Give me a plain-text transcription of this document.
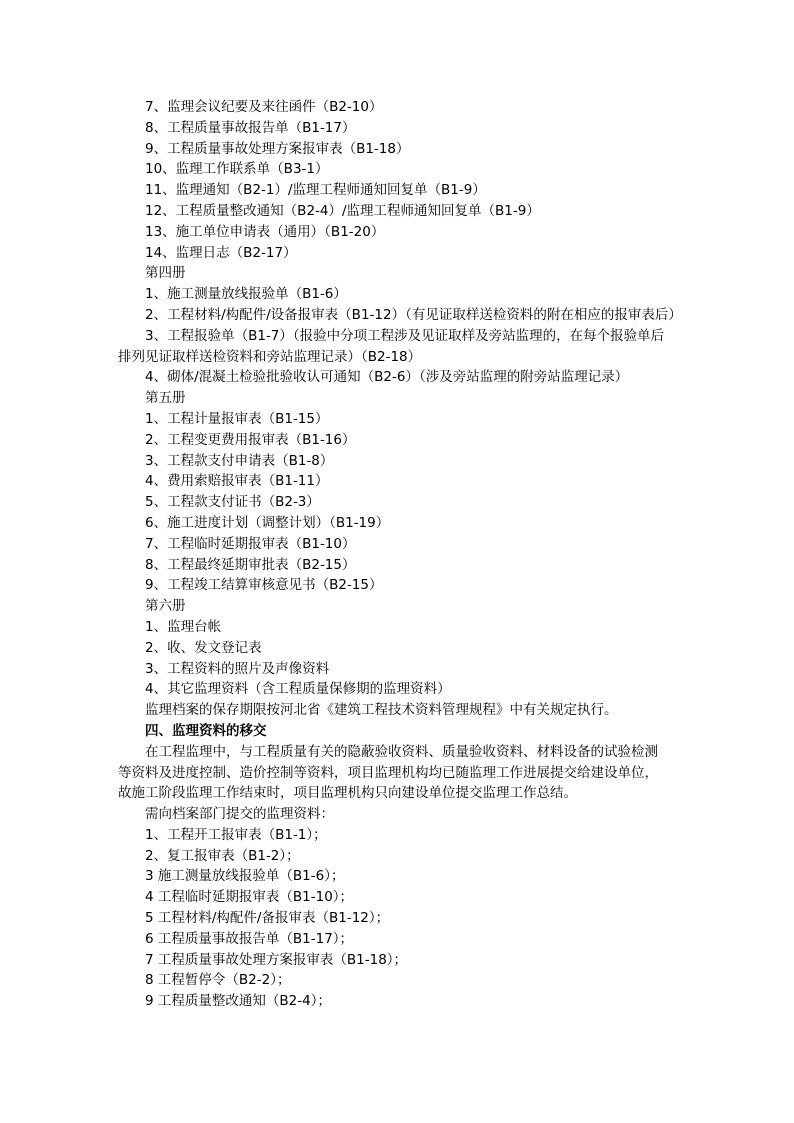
7、监理会议纪要及来往函件（B2-10）
8、工程质量事故报告单（B1-17）
9、工程质量事故处理方案报审表（B1-18）
10、监理工作联系单（B3-1）
11、监理通知（B2-1）/监理工程师通知回复单（B1-9）
12、工程质量整改通知（B2-4）/监理工程师通知回复单（B1-9）
13、施工单位申请表（通用）（B1-20）
14、监理日志（B2-17）
第四册
1、施工测量放线报验单（B1-6）
2、工程材料/构配件/设备报审表（B1-12）（有见证取样送检资料的附在相应的报审表后）
3、工程报验单（B1-7）（报验中分项工程涉及见证取样及旁站监理的，在每个报验单后
排列见证取样送检资料和旁站监理记录）（B2-18）
4、砌体/混凝土检验批验收认可通知（B2-6）（涉及旁站监理的附旁站监理记录）
第五册
1、工程计量报审表（B1-15）
2、工程变更费用报审表（B1-16）
3、工程款支付申请表（B1-8）
4、费用索赔报审表（B1-11）
5、工程款支付证书（B2-3）
6、施工进度计划（调整计划）（B1-19）
7、工程临时延期报审表（B1-10）
8、工程最终延期审批表（B2-15）
9、工程竣工结算审核意见书（B2-15）
第六册
1、监理台帐
2、收、发文登记表
3、工程资料的照片及声像资料
4、其它监理资料（含工程质量保修期的监理资料）
监理档案的保存期限按河北省《建筑工程技术资料管理规程》中有关规定执行。
四、监理资料的移交
在工程监理中，与工程质量有关的隐蔽验收资料、质量验收资料、材料设备的试验检测
等资料及进度控制、造价控制等资料，项目监理机构均已随监理工作进展提交给建设单位，
故施工阶段监理工作结束时，项目监理机构只向建设单位提交监理工作总结。
需向档案部门提交的监理资料：
1、工程开工报审表（B1-1）；
2、复工报审表（B1-2）；
3 施工测量放线报验单（B1-6）；
4 工程临时延期报审表（B1-10）；
5 工程材料/构配件/备报审表（B1-12）；
6 工程质量事故报告单（B1-17）；
7 工程质量事故处理方案报审表（B1-18）；
8 工程暂停令（B2-2）；
9 工程质量整改通知（B2-4）；
